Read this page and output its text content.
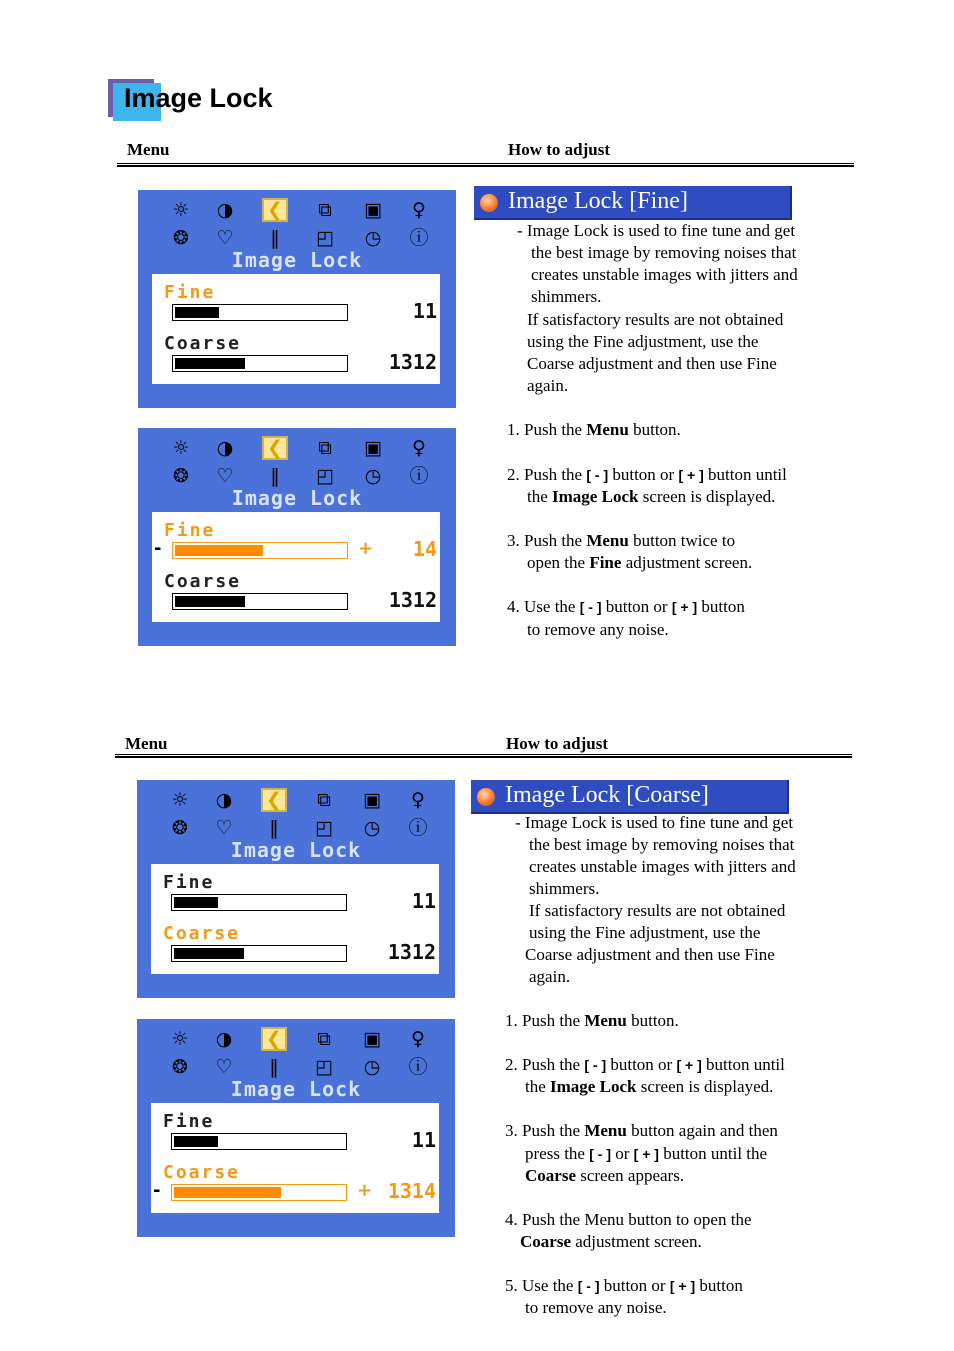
Image Lock
Menu	How to adjust
☼ ◑ ❮	⧉	▣	♀
❂ ♡	‖	◰ ◷ ⓘ
Image Lock
Fine
11
Coarse
1312
☼ ◑ ❮	⧉	▣	♀
❂ ♡	‖	◰ ◷ ⓘ
Image Lock
Fine
14
-	+
Coarse
1312
☼ ◑ ❮	⧉	▣	♀
❂ ♡	‖	◰ ◷ ⓘ
Image Lock
Fine
11
Coarse
1312
☼ ◑ ❮	⧉	▣	♀
❂ ♡	‖	◰ ◷ ⓘ
Image Lock
Fine
11
Coarse
1314
-	+
Image Lock [Fine]
- Image Lock is used to fine tune and get
the best image by removing noises that
creates unstable images with jitters and
shimmers.
If satisfactory results are not obtained
using the Fine adjustment, use the
Coarse adjustment and then use Fine
again.
1. Push the Menu button.
2. Push the [ - ] button or [ + ] button until
the Image Lock screen is displayed.
3. Push the Menu button twice to
open the Fine adjustment screen.
4. Use the [ - ] button or [ + ] button
to remove any noise.
Menu	How to adjust
Image Lock [Coarse]
- Image Lock is used to fine tune and get
the best image by removing noises that
creates unstable images with jitters and
shimmers.
If satisfactory results are not obtained
using the Fine adjustment, use the
Coarse adjustment and then use Fine
again.
1. Push the Menu button.
2. Push the [ - ] button or [ + ] button until
the Image Lock screen is displayed.
3. Push the Menu button again and then
press the [ - ] or [ + ] button until the
Coarse screen appears.
4. Push the Menu button to open the
Coarse adjustment screen.
5. Use the [ - ] button or [ + ] button
to remove any noise.
